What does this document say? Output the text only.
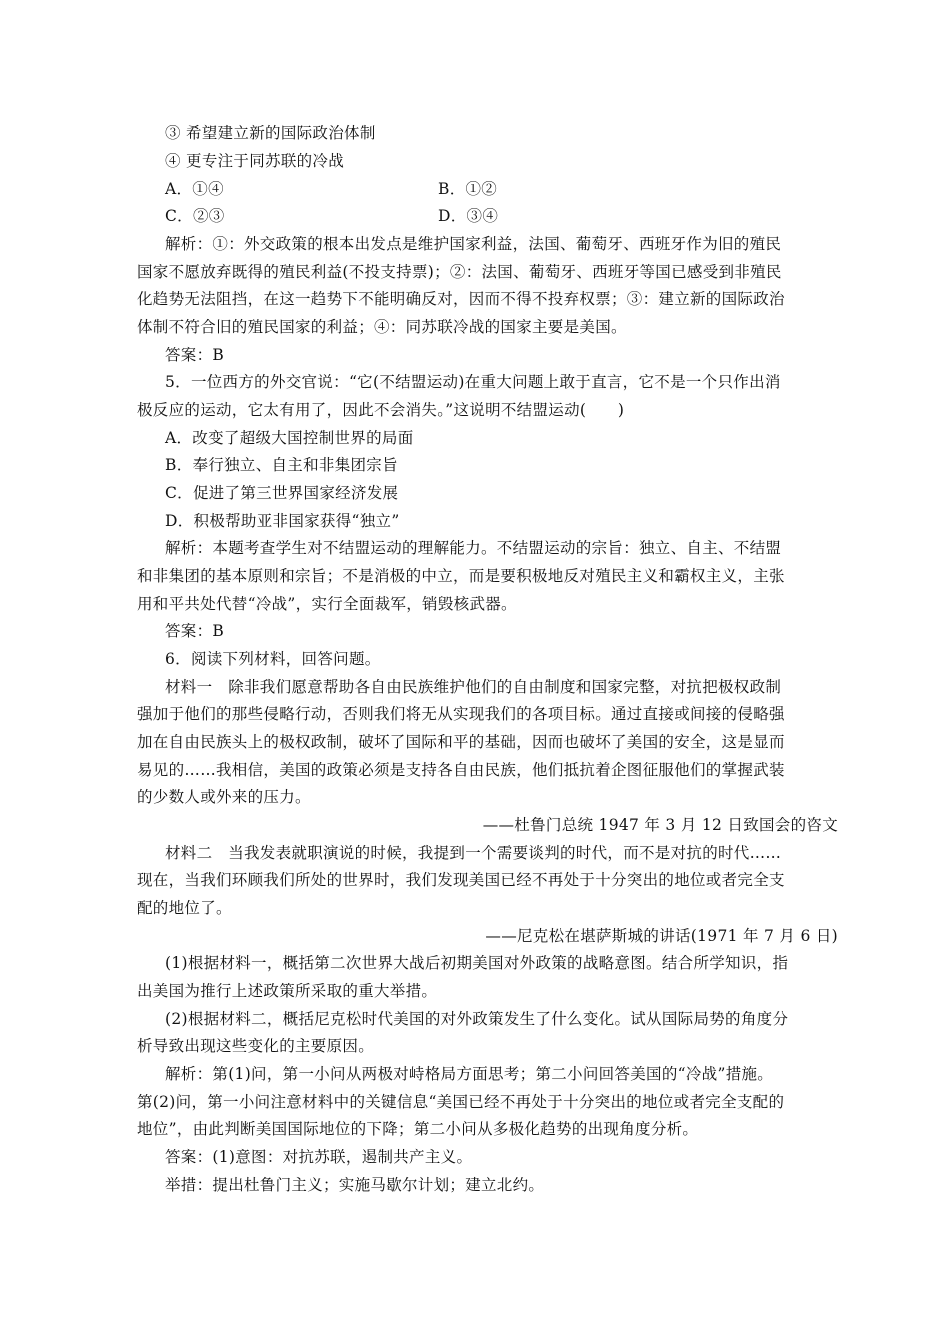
③ 希望建立新的国际政治体制
④ 更专注于同苏联的冷战
A．①④	B．①②
C．②③	D．③④
解析：①：外交政策的根本出发点是维护国家利益，法国、葡萄牙、西班牙作为旧的殖民
国家不愿放弃既得的殖民利益(不投支持票)；②：法国、葡萄牙、西班牙等国已感受到非殖民
化趋势无法阻挡，在这一趋势下不能明确反对，因而不得不投弃权票；③：建立新的国际政治
体制不符合旧的殖民国家的利益；④：同苏联冷战的国家主要是美国。
答案：B
5．一位西方的外交官说：“它(不结盟运动)在重大问题上敢于直言，它不是一个只作出消
极反应的运动，它太有用了，因此不会消失。”这说明不结盟运动(　　)
A．改变了超级大国控制世界的局面
B．奉行独立、自主和非集团宗旨
C．促进了第三世界国家经济发展
D．积极帮助亚非国家获得“独立”
解析：本题考查学生对不结盟运动的理解能力。不结盟运动的宗旨：独立、自主、不结盟
和非集团的基本原则和宗旨；不是消极的中立，而是要积极地反对殖民主义和霸权主义，主张
用和平共处代替“冷战”，实行全面裁军，销毁核武器。
答案：B
6．阅读下列材料，回答问题。
材料一　除非我们愿意帮助各自由民族维护他们的自由制度和国家完整，对抗把极权政制
强加于他们的那些侵略行动，否则我们将无从实现我们的各项目标。通过直接或间接的侵略强
加在自由民族头上的极权政制，破坏了国际和平的基础，因而也破坏了美国的安全，这是显而
易见的……我相信，美国的政策必须是支持各自由民族，他们抵抗着企图征服他们的掌握武装
的少数人或外来的压力。
——杜鲁门总统 1947 年 3 月 12 日致国会的咨文
材料二　当我发表就职演说的时候，我提到一个需要谈判的时代，而不是对抗的时代……
现在，当我们环顾我们所处的世界时，我们发现美国已经不再处于十分突出的地位或者完全支
配的地位了。
——尼克松在堪萨斯城的讲话(1971 年 7 月 6 日)
(1)根据材料一，概括第二次世界大战后初期美国对外政策的战略意图。结合所学知识，指
出美国为推行上述政策所采取的重大举措。
(2)根据材料二，概括尼克松时代美国的对外政策发生了什么变化。试从国际局势的角度分
析导致出现这些变化的主要原因。
解析：第(1)问，第一小问从两极对峙格局方面思考；第二小问回答美国的“冷战”措施。
第(2)问，第一小问注意材料中的关键信息“美国已经不再处于十分突出的地位或者完全支配的
地位”，由此判断美国国际地位的下降；第二小问从多极化趋势的出现角度分析。
答案：(1)意图：对抗苏联，遏制共产主义。
举措：提出杜鲁门主义；实施马歇尔计划；建立北约。
